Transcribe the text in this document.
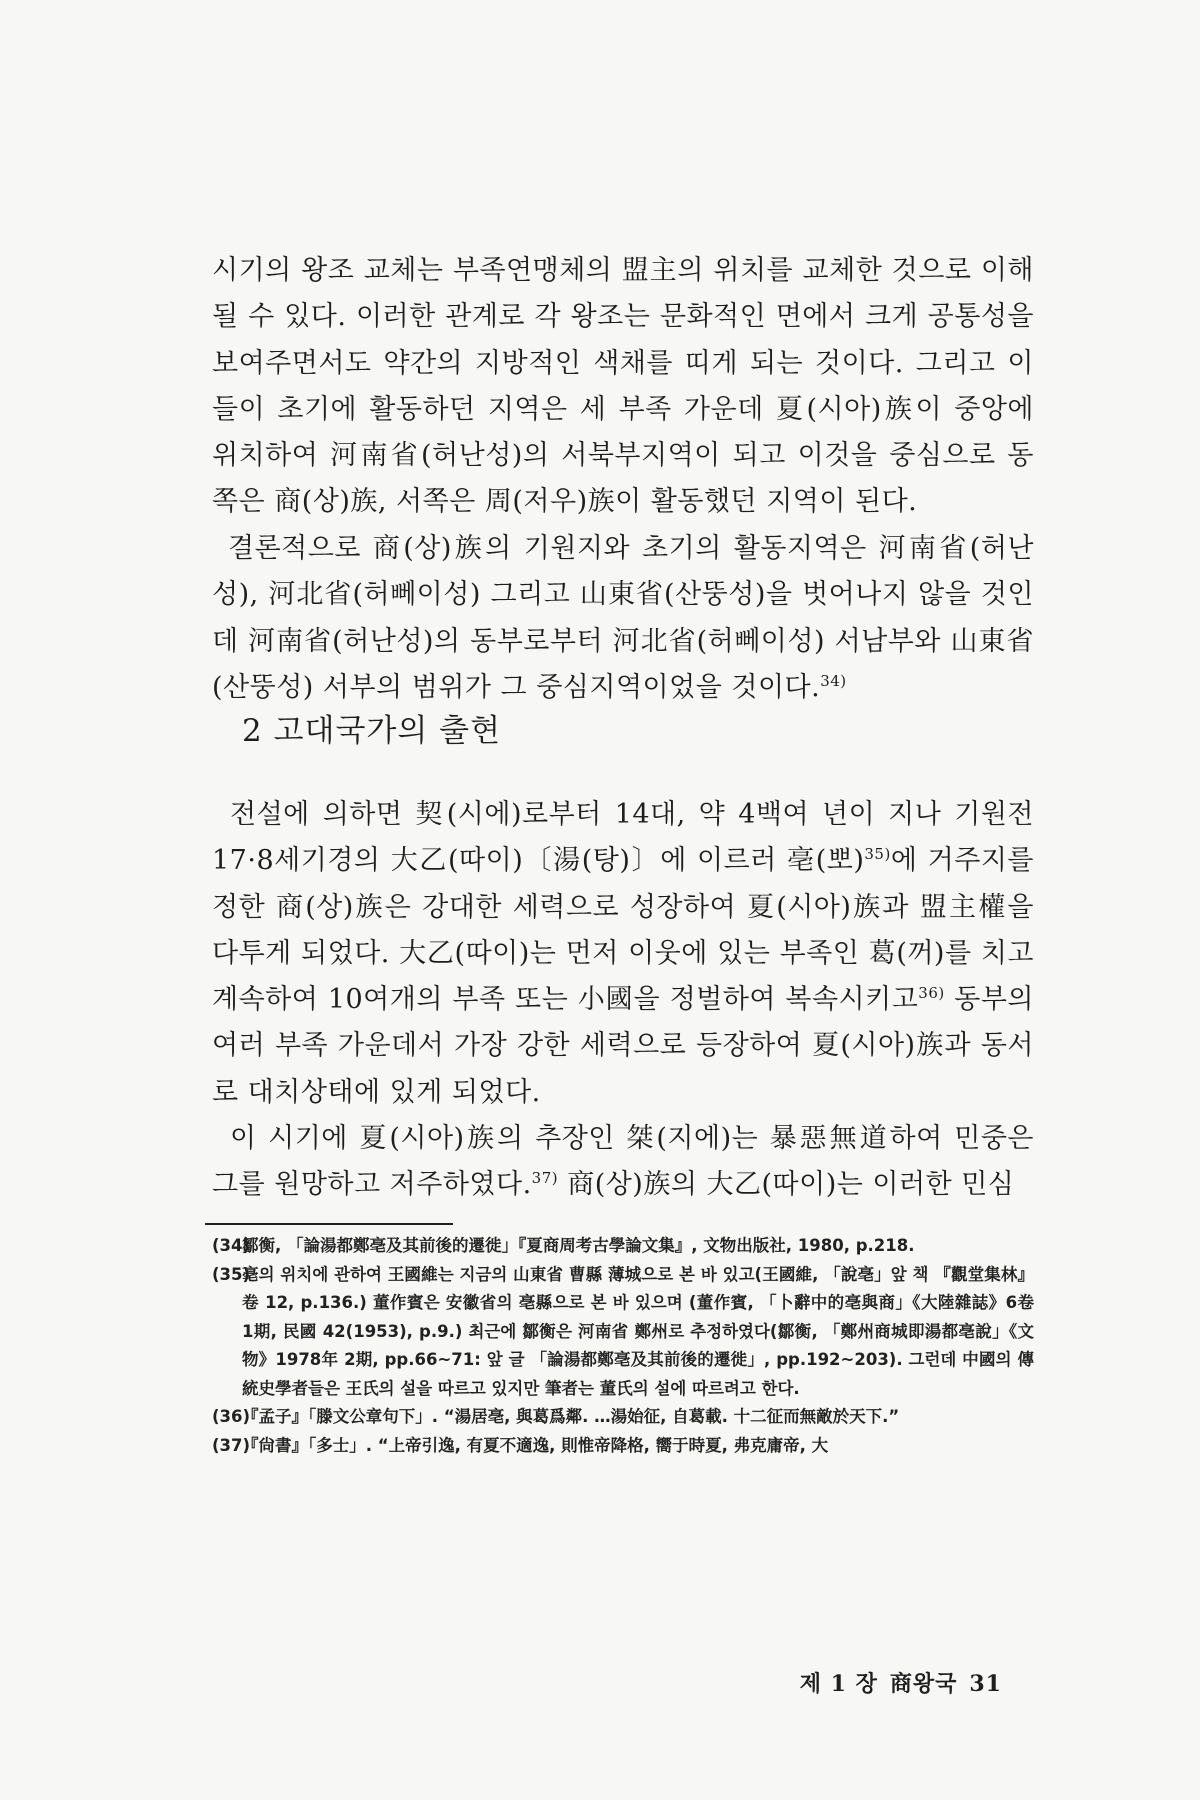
시기의 왕조 교체는 부족연맹체의 盟主의 위치를 교체한 것으로 이해될 수 있다. 이러한 관계로 각 왕조는 문화적인 면에서 크게 공통성을 보여주면서도 약간의 지방적인 색채를 띠게 되는 것이다. 그리고 이들이 초기에 활동하던 지역은 세 부족 가운데 夏(시아)族이 중앙에 위치하여 河南省(허난성)의 서북부지역이 되고 이것을 중심으로 동쪽은 商(상)族, 서쪽은 周(저우)族이 활동했던 지역이 된다.

결론적으로 商(상)族의 기원지와 초기의 활동지역은 河南省(허난성), 河北省(허뻬이성) 그리고 山東省(산뚱성)을 벗어나지 않을 것인데 河南省(허난성)의 동부로부터 河北省(허뻬이성) 서남부와 山東省(산뚱성) 서부의 범위가 그 중심지역이었을 것이다.$^{34)}$

2 고대국가의 출현

전설에 의하면 契(시에)로부터 14대, 약 4백여 년이 지나 기원전 17·8세기경의 大乙(따이)〔湯(탕)〕에 이르러 亳(뽀)$^{35)}$에 거주지를 정한 商(상)族은 강대한 세력으로 성장하여 夏(시아)族과 盟主權을 다투게 되었다. 大乙(따이)는 먼저 이웃에 있는 부족인 葛(꺼)를 치고 계속하여 10여개의 부족 또는 小國을 정벌하여 복속시키고$^{36)}$ 동부의 여러 부족 가운데서 가장 강한 세력으로 등장하여 夏(시아)族과 동서로 대치상태에 있게 되었다.

이 시기에 夏(시아)族의 추장인 桀(지에)는 暴惡無道하여 민중은 그를 원망하고 저주하였다.$^{37)}$ 商(상)族의 大乙(따이)는 이러한 민심

(34)
鄒衡, 「論湯都鄭亳及其前後的遷徙」『夏商周考古學論文集』, 文物出版社, 1980, p.218.
(35)
亳의 위치에 관하여 王國維는 지금의 山東省 曹縣 薄城으로 본 바 있고(王國維, 「說亳」앞 책 『觀堂集林』卷 12, p.136.) 董作賓은 安徽省의 亳縣으로 본 바 있으며 (董作賓, 「卜辭中的亳與商」《大陸雜誌》6卷 1期, 民國 42(1953), p.9.) 최근에 鄒衡은 河南省 鄭州로 추정하였다(鄒衡, 「鄭州商城即湯都亳說」《文物》1978年 2期, pp.66~71: 앞 글 「論湯都鄭亳及其前後的遷徙」, pp.192~203). 그런데 中國의 傳統史學者들은 王氏의 설을 따르고 있지만 筆者는 董氏의 설에 따르려고 한다.
(36)
『孟子』「滕文公章句下」. “湯居亳, 與葛爲鄰. …湯始征, 自葛載. 十二征而無敵於天下.”
(37)
『尙書』「多士」. “上帝引逸, 有夏不適逸, 則惟帝降格, 嚮于時夏, 弗克庸帝, 大

제 1 장 商왕국 31
